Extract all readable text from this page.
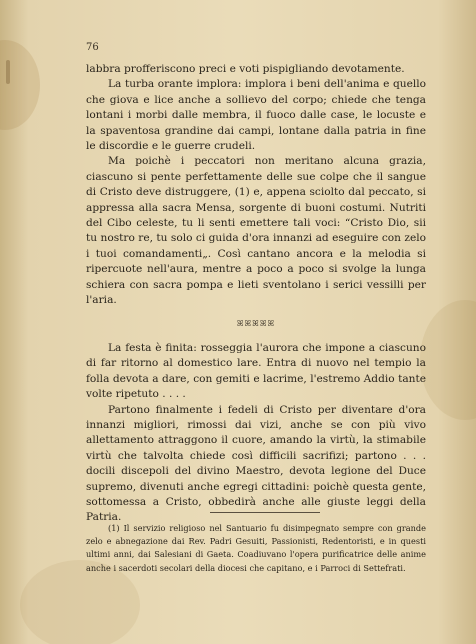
76

labbra profferiscono preci e voti pispigliando devotamente.

La turba orante implora: implora i beni dell'anima e quello che giova e lice anche a sollievo del corpo; chiede che tenga lontani i morbi dalle membra, il fuoco dalle case, le locuste e la spaventosa grandine dai campi, lontane dalla patria in fine le discordie e le guerre crudeli.

Ma poichè i peccatori non meritano alcuna grazia, ciascuno si pente perfettamente delle sue colpe che il sangue di Cristo deve distruggere, (1) e, appena sciolto dal peccato, si appressa alla sacra Mensa, sorgente di buoni costumi. Nutriti del Cibo celeste, tu li senti emettere tali voci: “Cristo Dio, sii tu nostro re, tu solo ci guida d'ora innanzi ad eseguire con zelo i tuoi comandamenti„. Così cantano ancora e la melodia si ripercuote nell'aura, mentre a poco a poco si svolge la lunga schiera con sacra pompa e lieti sventolano i serici vessilli per l'aria.

ꕤꕤꕤꕤꕤ

La festa è finita: rosseggia l'aurora che impone a ciascuno di far ritorno al domestico lare. Entra di nuovo nel tempio la folla devota a dare, con gemiti e lacrime, l'estremo Addio tante volte ripetuto . . . .

Partono finalmente i fedeli di Cristo per diventare d'ora innanzi migliori, rimossi dai vizi, anche se con più vivo allettamento attraggono il cuore, amando la virtù, la stimabile virtù che talvolta chiede così difficili sacrifizi; partono . . . docili discepoli del divino Maestro, devota legione del Duce supremo, divenuti anche egregi cittadini: poichè questa gente, sottomessa a Cristo, obbedirà anche alle giuste leggi della Patria.

(1) Il servizio religioso nel Santuario fu disimpegnato sempre con grande zelo e abnegazione dai Rev. Padri Gesuiti, Passionisti, Redentoristi, e in questi ultimi anni, dai Salesiani di Gaeta. Coadiuvano l'opera purificatrice delle anime anche i sacerdoti secolari della diocesi che capitano, e i Parroci di Settefrati.
